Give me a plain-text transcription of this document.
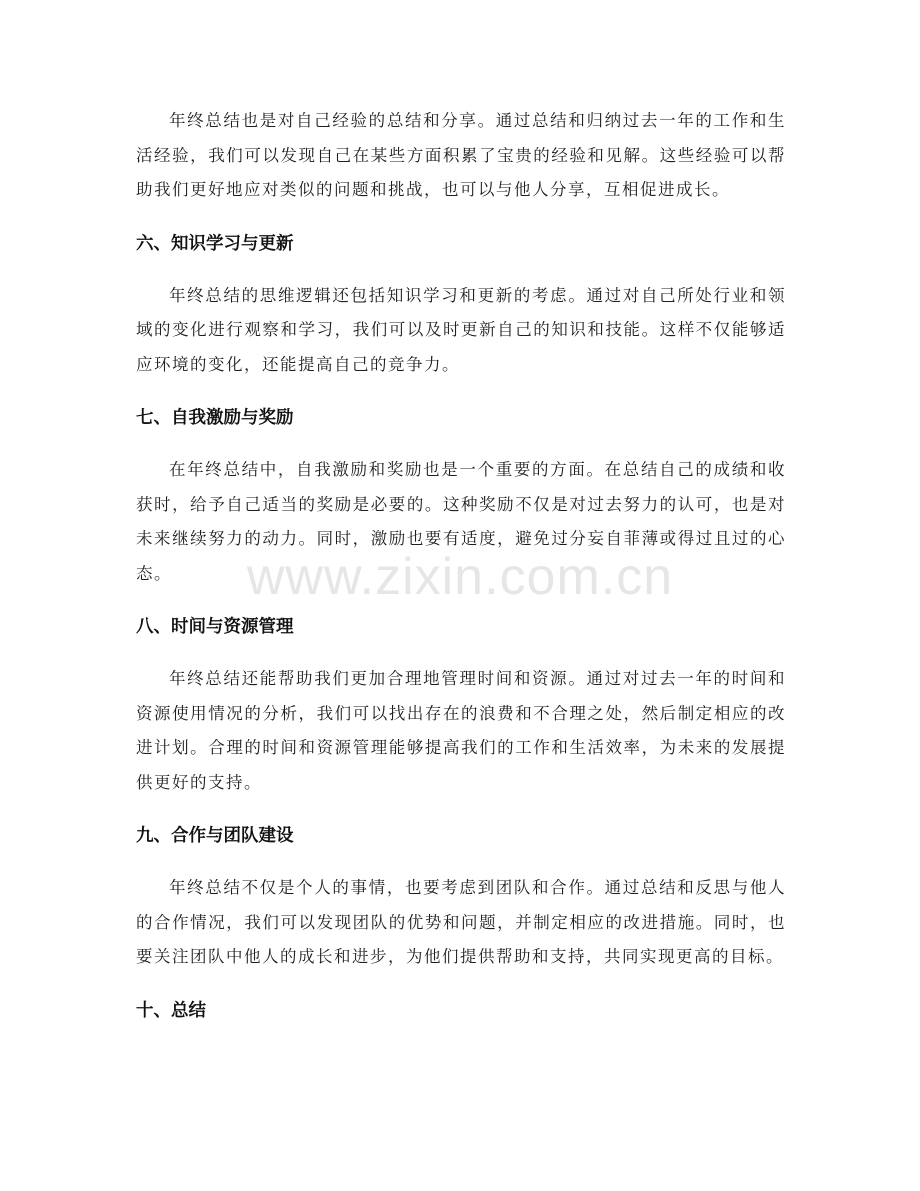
年终总结也是对自己经验的总结和分享。通过总结和归纳过去一年的工作和生活经验，我们可以发现自己在某些方面积累了宝贵的经验和见解。这些经验可以帮助我们更好地应对类似的问题和挑战，也可以与他人分享，互相促进成长。

六、知识学习与更新

年终总结的思维逻辑还包括知识学习和更新的考虑。通过对自己所处行业和领域的变化进行观察和学习，我们可以及时更新自己的知识和技能。这样不仅能够适应环境的变化，还能提高自己的竞争力。

七、自我激励与奖励

在年终总结中，自我激励和奖励也是一个重要的方面。在总结自己的成绩和收获时，给予自己适当的奖励是必要的。这种奖励不仅是对过去努力的认可，也是对未来继续努力的动力。同时，激励也要有适度，避免过分妄自菲薄或得过且过的心态。

八、时间与资源管理

年终总结还能帮助我们更加合理地管理时间和资源。通过对过去一年的时间和资源使用情况的分析，我们可以找出存在的浪费和不合理之处，然后制定相应的改进计划。合理的时间和资源管理能够提高我们的工作和生活效率，为未来的发展提供更好的支持。

九、合作与团队建设

年终总结不仅是个人的事情，也要考虑到团队和合作。通过总结和反思与他人的合作情况，我们可以发现团队的优势和问题，并制定相应的改进措施。同时，也要关注团队中他人的成长和进步，为他们提供帮助和支持，共同实现更高的目标。

十、总结
www.zixin.com.cn
